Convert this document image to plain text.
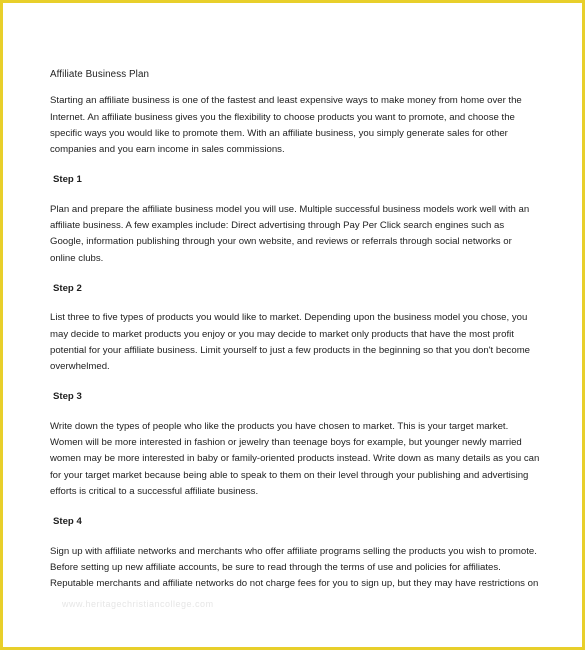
Affiliate Business Plan

Starting an affiliate business is one of the fastest and least expensive ways to make money from home over the Internet. An affiliate business gives you the flexibility to choose products you want to promote, and choose the specific ways you would like to promote them. With an affiliate business, you simply generate sales for other companies and you earn income in sales commissions.

Step 1

Plan and prepare the affiliate business model you will use. Multiple successful business models work well with an affiliate business. A few examples include: Direct advertising through Pay Per Click search engines such as Google, information publishing through your own website, and reviews or referrals through social networks or online clubs.

Step 2

List three to five types of products you would like to market. Depending upon the business model you chose, you may decide to market products you enjoy or you may decide to market only products that have the most profit potential for your affiliate business. Limit yourself to just a few products in the beginning so that you don't become overwhelmed.

Step 3

Write down the types of people who like the products you have chosen to market. This is your target market. Women will be more interested in fashion or jewelry than teenage boys for example, but younger newly married women may be more interested in baby or family-oriented products instead. Write down as many details as you can for your target market because being able to speak to them on their level through your publishing and advertising efforts is critical to a successful affiliate business.

Step 4

Sign up with affiliate networks and merchants who offer affiliate programs selling the products you wish to promote. Before setting up new affiliate accounts, be sure to read through the terms of use and policies for affiliates. Reputable merchants and affiliate networks do not charge fees for you to sign up, but they may have restrictions on

www.heritagechristiancollege.com
